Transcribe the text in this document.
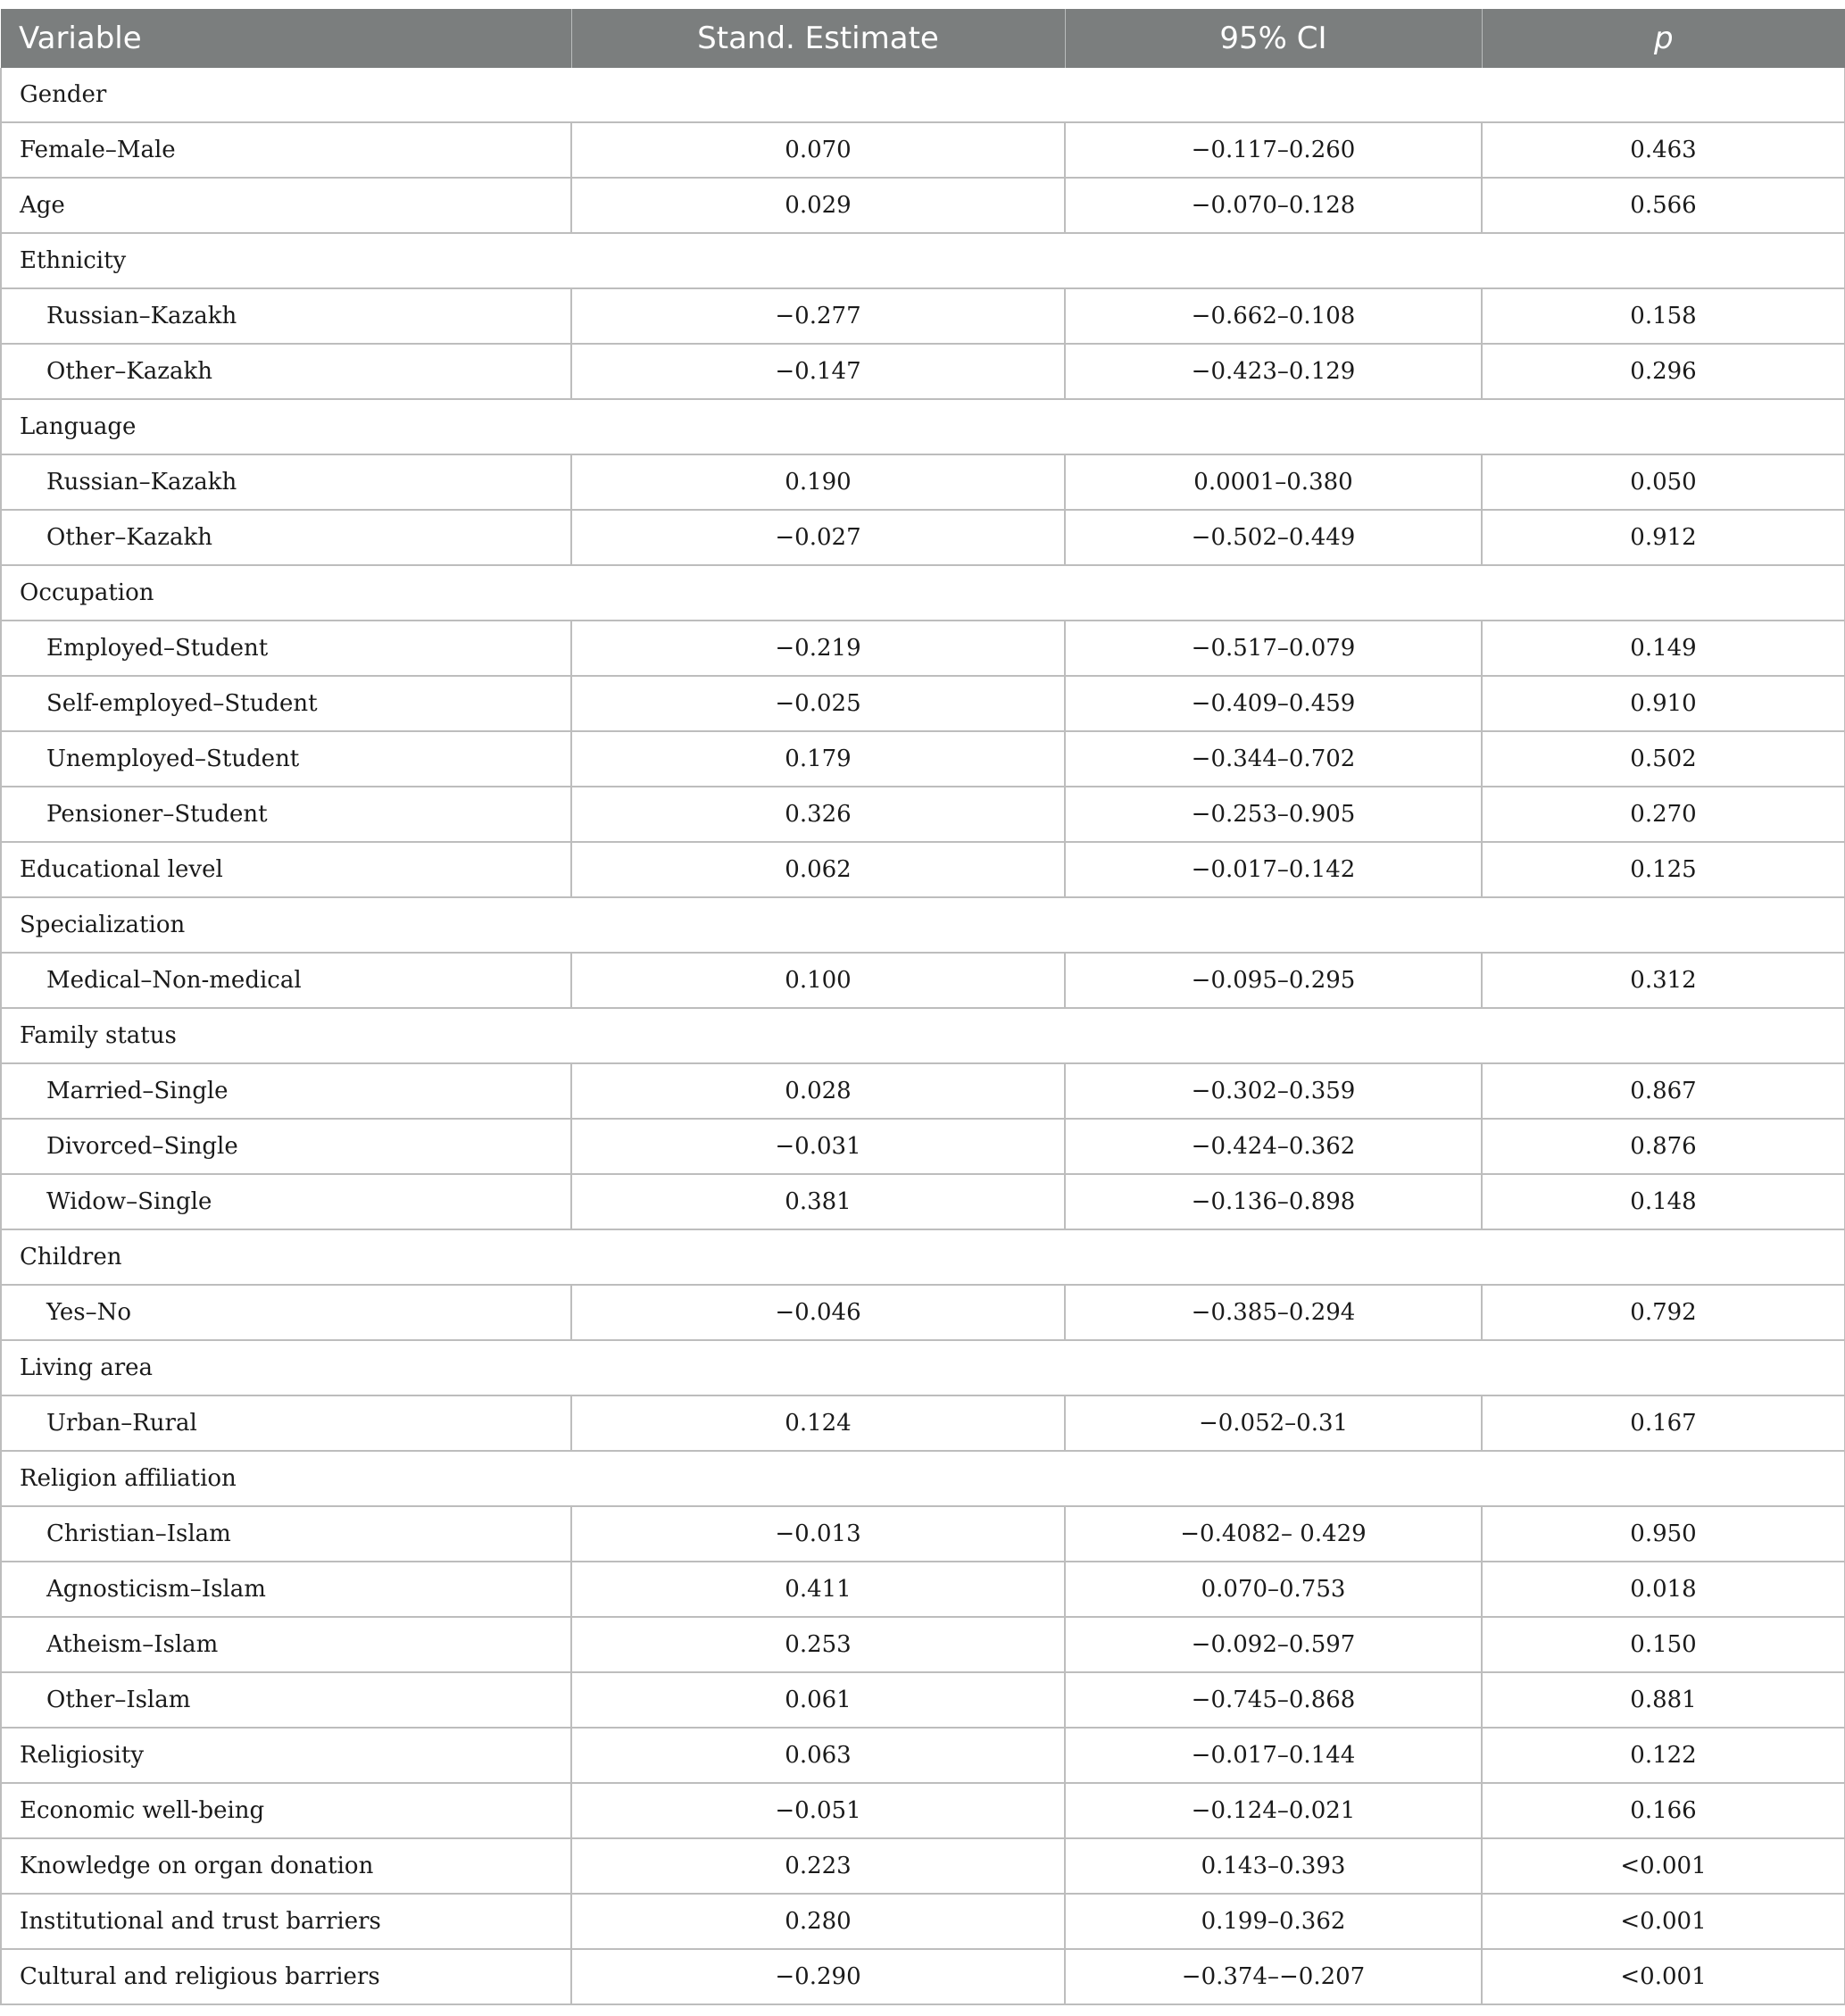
Variable	Stand. Estimate	95% CI	p
Gender			
Female–Male	0.070	−0.117–0.260	0.463
Age	0.029	−0.070–0.128	0.566
Ethnicity			
Russian–Kazakh	−0.277	−0.662–0.108	0.158
Other–Kazakh	−0.147	−0.423–0.129	0.296
Language			
Russian–Kazakh	0.190	0.0001–0.380	0.050
Other–Kazakh	−0.027	−0.502–0.449	0.912
Occupation			
Employed–Student	−0.219	−0.517–0.079	0.149
Self-employed–Student	−0.025	−0.409–0.459	0.910
Unemployed–Student	0.179	−0.344–0.702	0.502
Pensioner–Student	0.326	−0.253–0.905	0.270
Educational level	0.062	−0.017–0.142	0.125
Specialization			
Medical–Non-medical	0.100	−0.095–0.295	0.312
Family status			
Married–Single	0.028	−0.302–0.359	0.867
Divorced–Single	−0.031	−0.424–0.362	0.876
Widow–Single	0.381	−0.136–0.898	0.148
Children			
Yes–No	−0.046	−0.385–0.294	0.792
Living area			
Urban–Rural	0.124	−0.052–0.31	0.167
Religion affiliation			
Christian–Islam	−0.013	−0.4082– 0.429	0.950
Agnosticism–Islam	0.411	0.070–0.753	0.018
Atheism–Islam	0.253	−0.092–0.597	0.150
Other–Islam	0.061	−0.745–0.868	0.881
Religiosity	0.063	−0.017–0.144	0.122
Economic well-being	−0.051	−0.124–0.021	0.166
Knowledge on organ donation	0.223	0.143–0.393	<0.001
Institutional and trust barriers	0.280	0.199–0.362	<0.001
Cultural and religious barriers	−0.290	−0.374–−0.207	<0.001
